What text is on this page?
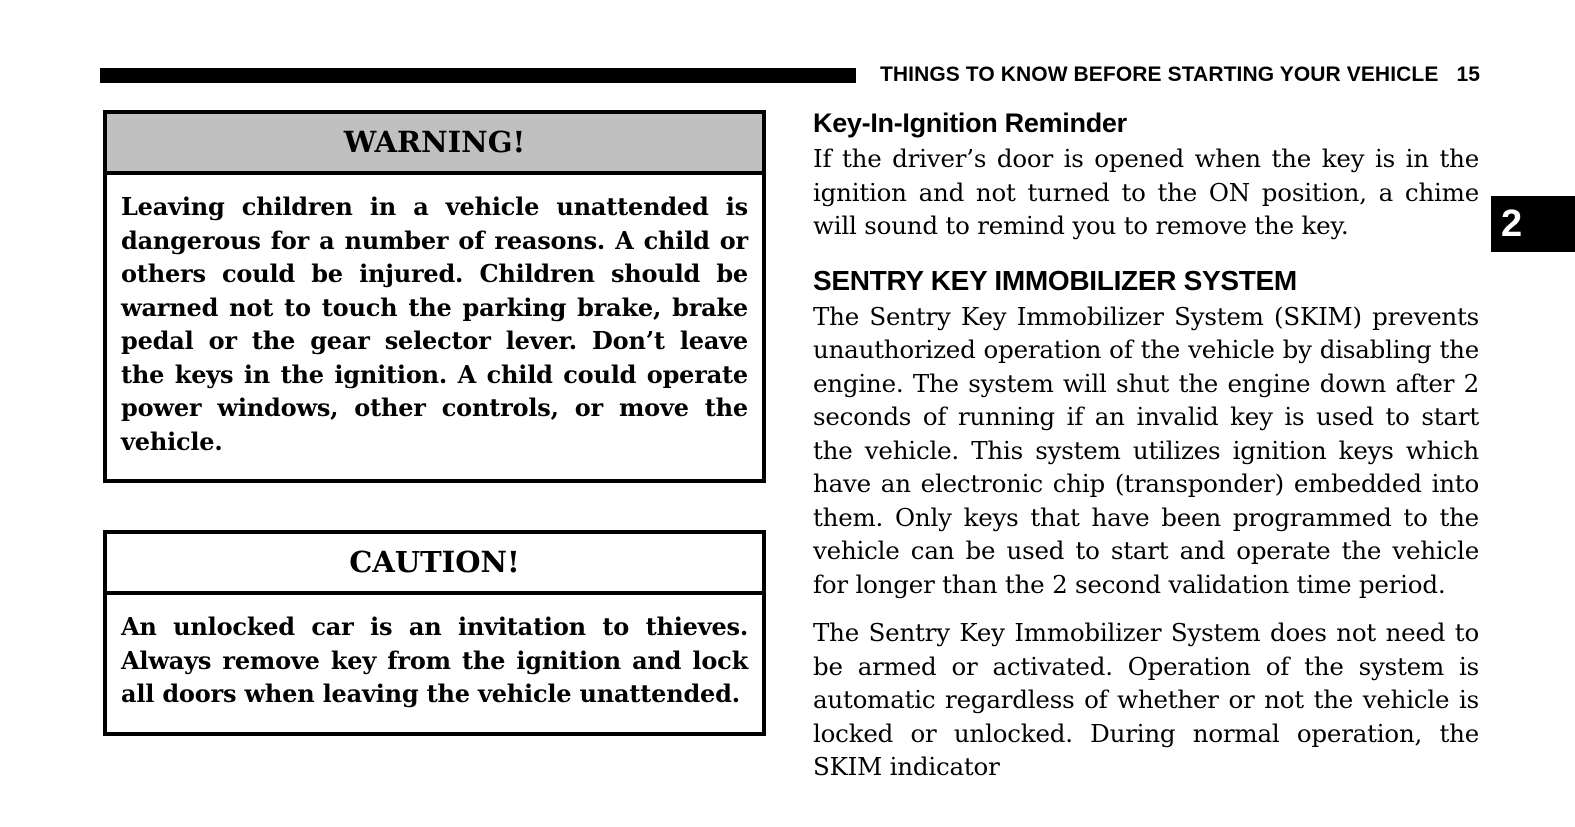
THINGS TO KNOW BEFORE STARTING YOUR VEHICLE 15
2
WARNING!

Leaving children in a vehicle unattended is dangerous for a number of reasons. A child or others could be injured. Children should be warned not to touch the parking brake, brake pedal or the gear selector lever. Don’t leave the keys in the ignition. A child could operate power windows, other controls, or move the vehicle.

CAUTION!

An unlocked car is an invitation to thieves. Always remove key from the ignition and lock all doors when leaving the vehicle unattended.

Key-In-Ignition Reminder

If the driver’s door is opened when the key is in the ignition and not turned to the ON position, a chime will sound to remind you to remove the key.

SENTRY KEY IMMOBILIZER SYSTEM

The Sentry Key Immobilizer System (SKIM) prevents unauthorized operation of the vehicle by disabling the engine. The system will shut the engine down after 2 seconds of running if an invalid key is used to start the vehicle. This system utilizes ignition keys which have an electronic chip (transponder) embedded into them. Only keys that have been programmed to the vehicle can be used to start and operate the vehicle for longer than the 2 second validation time period.

The Sentry Key Immobilizer System does not need to be armed or activated. Operation of the system is automatic regardless of whether or not the vehicle is locked or unlocked. During normal operation, the SKIM indicator
